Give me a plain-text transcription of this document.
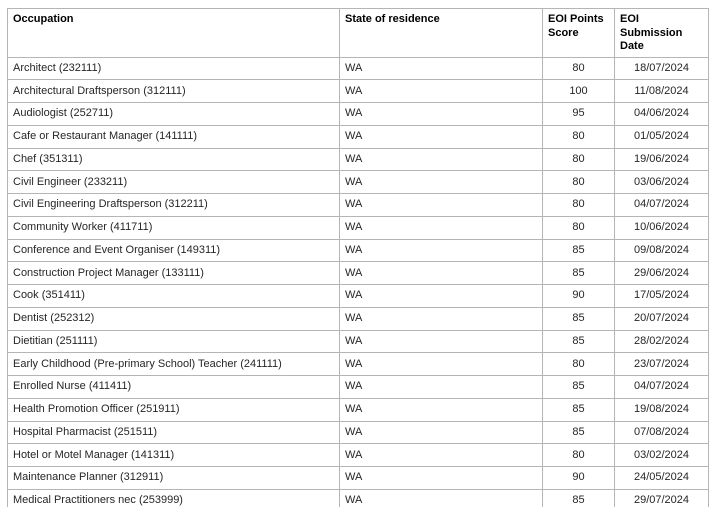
Occupation	State of residence	EOI Points Score	EOI Submission Date
Architect (232111)	WA	80	18/07/2024
Architectural Draftsperson (312111)	WA	100	11/08/2024
Audiologist (252711)	WA	95	04/06/2024
Cafe or Restaurant Manager (141111)	WA	80	01/05/2024
Chef (351311)	WA	80	19/06/2024
Civil Engineer (233211)	WA	80	03/06/2024
Civil Engineering Draftsperson (312211)	WA	80	04/07/2024
Community Worker (411711)	WA	80	10/06/2024
Conference and Event Organiser (149311)	WA	85	09/08/2024
Construction Project Manager (133111)	WA	85	29/06/2024
Cook (351411)	WA	90	17/05/2024
Dentist (252312)	WA	85	20/07/2024
Dietitian (251111)	WA	85	28/02/2024
Early Childhood (Pre-primary School) Teacher (241111)	WA	80	23/07/2024
Enrolled Nurse (411411)	WA	85	04/07/2024
Health Promotion Officer (251911)	WA	85	19/08/2024
Hospital Pharmacist (251511)	WA	85	07/08/2024
Hotel or Motel Manager (141311)	WA	80	03/02/2024
Maintenance Planner (312911)	WA	90	24/05/2024
Medical Practitioners nec (253999)	WA	85	29/07/2024
